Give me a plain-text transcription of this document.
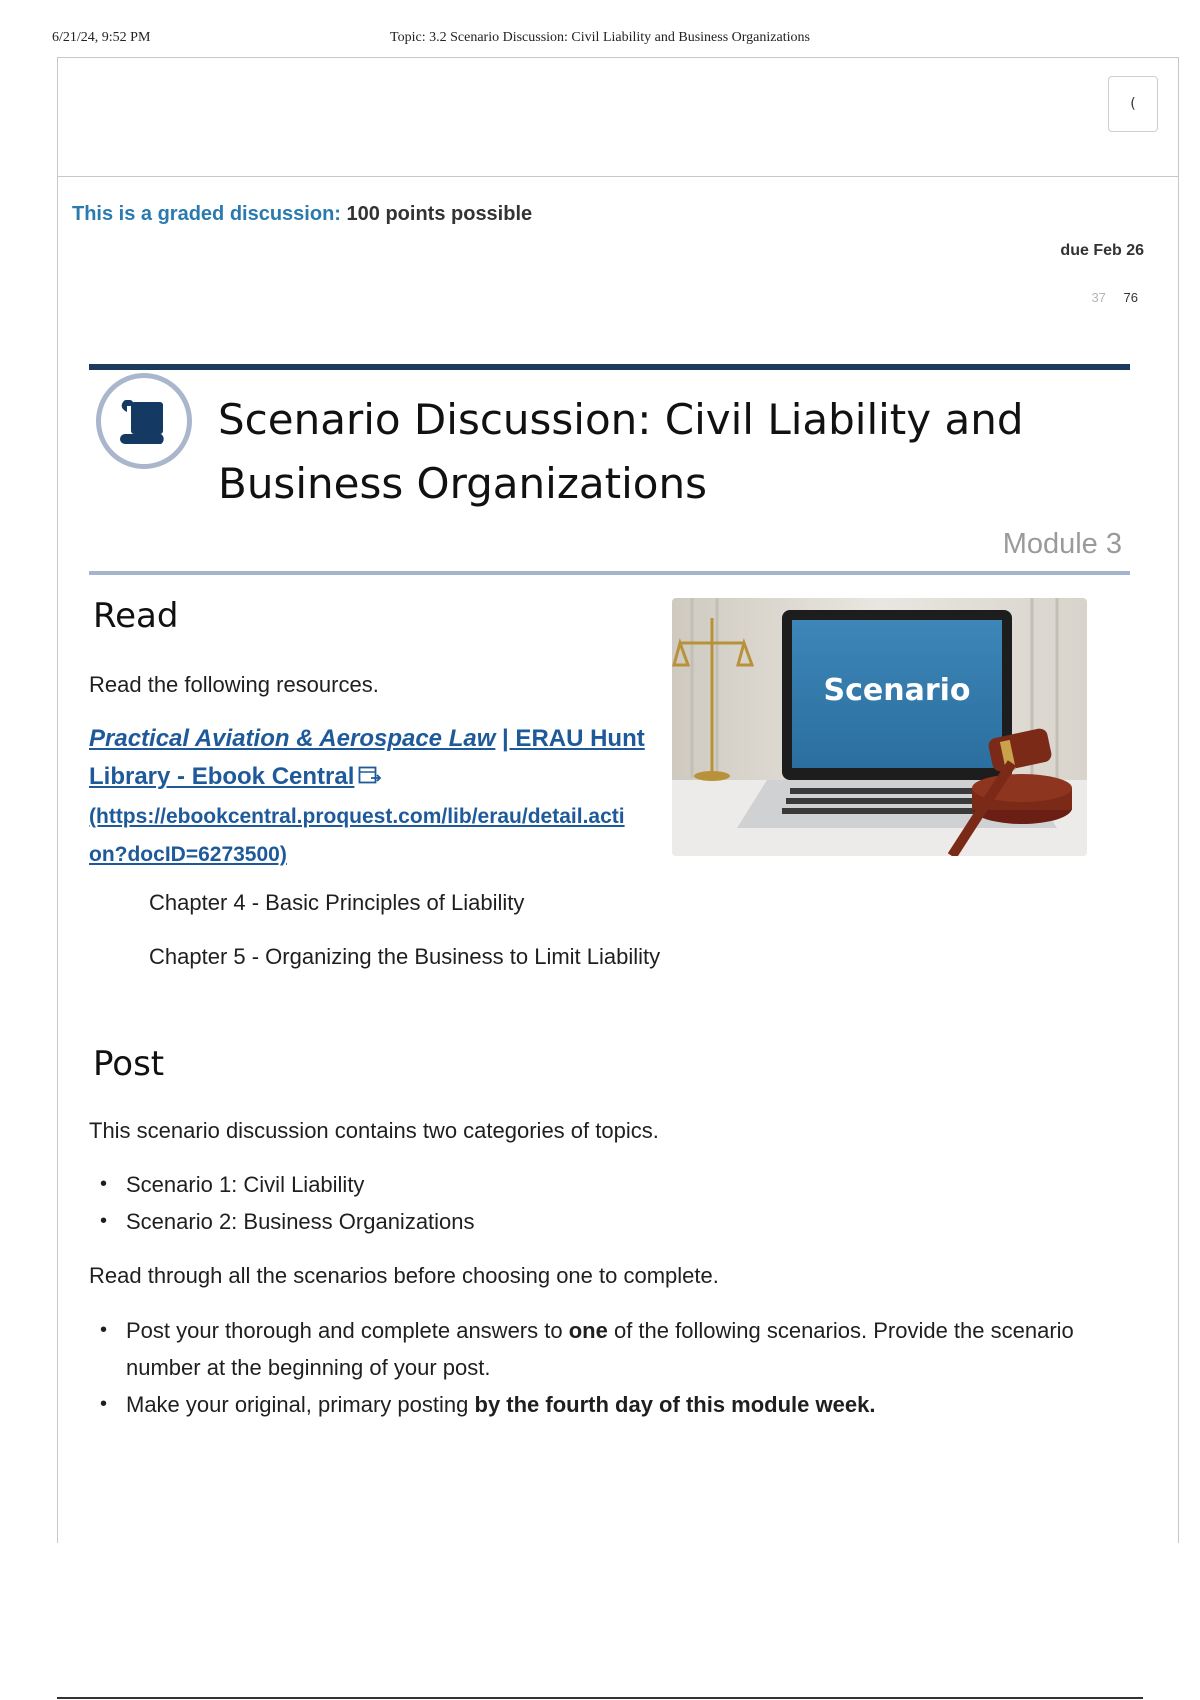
6/21/24, 9:52 PM	Topic: 3.2 Scenario Discussion: Civil Liability and Business Organizations
(
This is a graded discussion: 100 points possible
due Feb 26
37 76
Scenario Discussion: Civil Liability and Business Organizations
Module 3
Read
Read the following resources.
Practical Aviation & Aerospace Law | ERAU Hunt
Library - Ebook Central
(https://ebookcentral.proquest.com/lib/erau/detail.acti
on?docID=6273500)
Scenario
Chapter 4 - Basic Principles of Liability
Chapter 5 - Organizing the Business to Limit Liability
Post
This scenario discussion contains two categories of topics.
• Scenario 1: Civil Liability
• Scenario 2: Business Organizations
Read through all the scenarios before choosing one to complete.
• Post your thorough and complete answers to one of the following scenarios. Provide the scenario number at the beginning of your post.
• Make your original, primary posting by the fourth day of this module week.
